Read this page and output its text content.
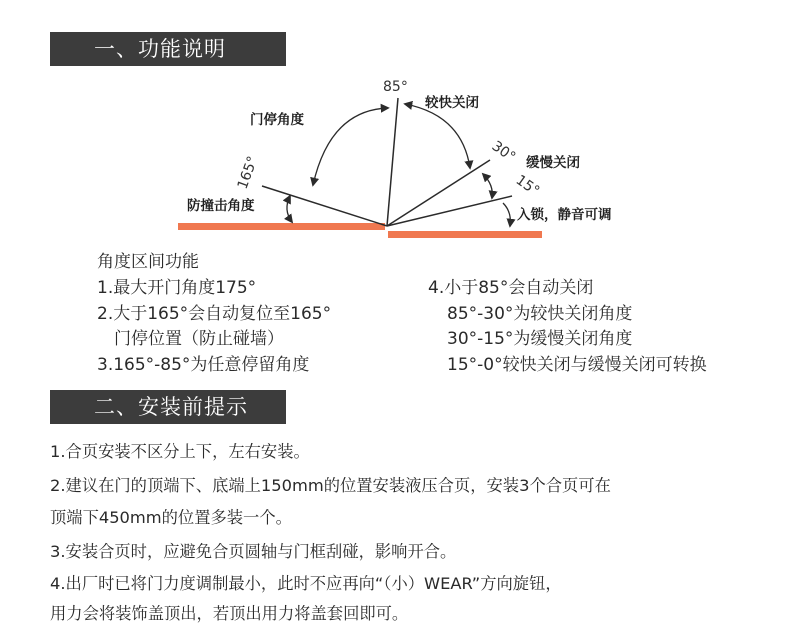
一、功能说明
85°
165°
30°
15°
门停角度
较快关闭
缓慢关闭
防撞击角度
入锁，静音可调
角度区间功能
1.最大开门角度175°
2.大于165°会自动复位至165°
门停位置（防止碰墙）
3.165°-85°为任意停留角度
4.小于85°会自动关闭
85°-30°为较快关闭角度
30°-15°为缓慢关闭角度
15°-0°较快关闭与缓慢关闭可转换
二、安装前提示
1.合页安装不区分上下，左右安装。
2.建议在门的顶端下、底端上150mm的位置安装液压合页，安装3个合页可在
顶端下450mm的位置多装一个。
3.安装合页时，应避免合页圆轴与门框刮碰，影响开合。
4.出厂时已将门力度调制最小，此时不应再向“（小）WEAR”方向旋钮，
用力会将装饰盖顶出，若顶出用力将盖套回即可。
